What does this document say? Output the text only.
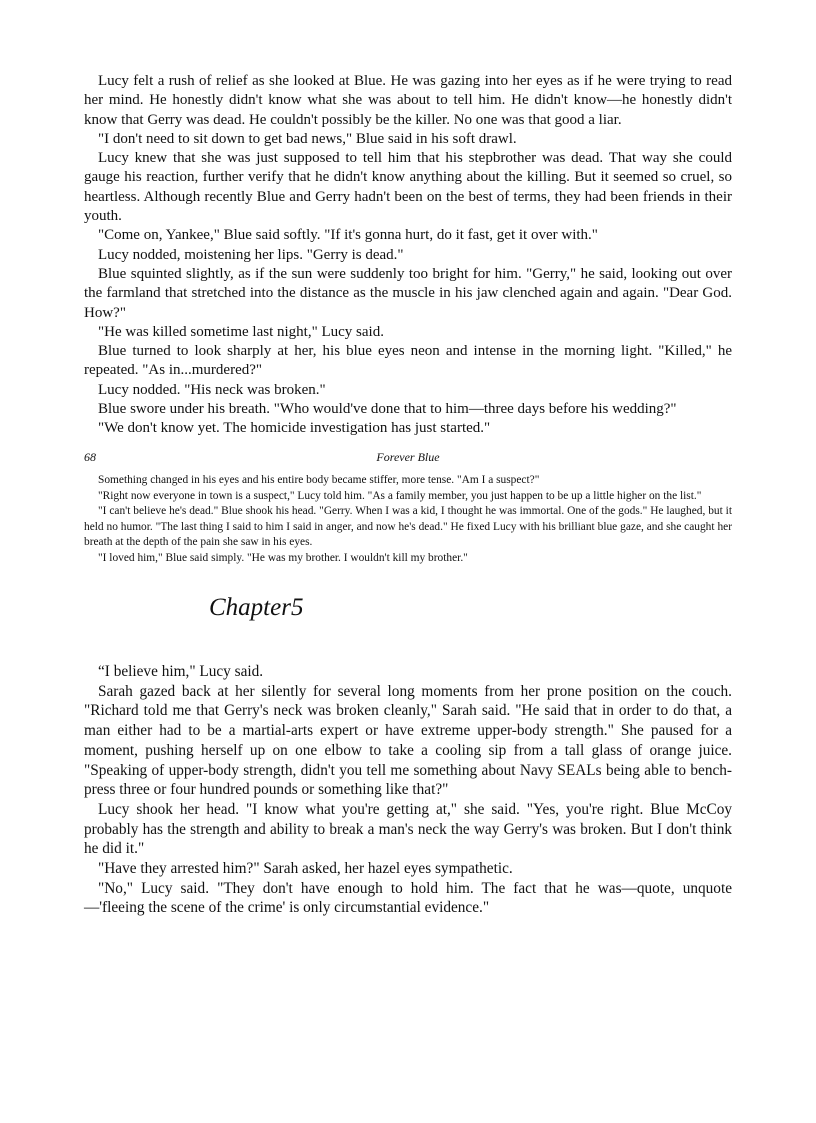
Lucy felt a rush of relief as she looked at Blue. He was gazing into her eyes as if he were trying to read her mind. He honestly didn't know what she was about to tell him. He didn't know—he honestly didn't know that Gerry was dead. He couldn't possibly be the killer. No one was that good a liar.

"I don't need to sit down to get bad news," Blue said in his soft drawl.

Lucy knew that she was just supposed to tell him that his stepbrother was dead. That way she could gauge his reaction, further verify that he didn't know anything about the killing. But it seemed so cruel, so heartless. Although recently Blue and Gerry hadn't been on the best of terms, they had been friends in their youth.

"Come on, Yankee," Blue said softly. "If it's gonna hurt, do it fast, get it over with."

Lucy nodded, moistening her lips. "Gerry is dead."

Blue squinted slightly, as if the sun were suddenly too bright for him. "Gerry," he said, looking out over the farmland that stretched into the distance as the muscle in his jaw clenched again and again. "Dear God. How?"

"He was killed sometime last night," Lucy said.

Blue turned to look sharply at her, his blue eyes neon and intense in the morning light. "Killed," he repeated. "As in...murdered?"

Lucy nodded. "His neck was broken."

Blue swore under his breath. "Who would've done that to him—three days before his wedding?"

"We don't know yet. The homicide investigation has just started."

68	Forever Blue

Something changed in his eyes and his entire body became stiffer, more tense. "Am I a suspect?"

"Right now everyone in town is a suspect," Lucy told him. "As a family member, you just happen to be up a little higher on the list."

"I can't believe he's dead." Blue shook his head. "Gerry. When I was a kid, I thought he was immortal. One of the gods." He laughed, but it held no humor. "The last thing I said to him I said in anger, and now he's dead." He fixed Lucy with his brilliant blue gaze, and she caught her breath at the depth of the pain she saw in his eyes.

"I loved him," Blue said simply. "He was my brother. I wouldn't kill my brother."

Chapter5

“I believe him," Lucy said.

Sarah gazed back at her silently for several long moments from her prone position on the couch. "Richard told me that Gerry's neck was broken cleanly," Sarah said. "He said that in order to do that, a man either had to be a martial-arts expert or have extreme upper-body strength." She paused for a moment, pushing herself up on one elbow to take a cooling sip from a tall glass of orange juice. "Speaking of upper-body strength, didn't you tell me something about Navy SEALs being able to bench-press three or four hundred pounds or something like that?"

Lucy shook her head. "I know what you're getting at," she said. "Yes, you're right. Blue McCoy probably has the strength and ability to break a man's neck the way Gerry's was broken. But I don't think he did it."

"Have they arrested him?" Sarah asked, her hazel eyes sympathetic.

"No," Lucy said. "They don't have enough to hold him. The fact that he was—quote, unquote —'fleeing the scene of the crime' is only circumstantial evidence."
